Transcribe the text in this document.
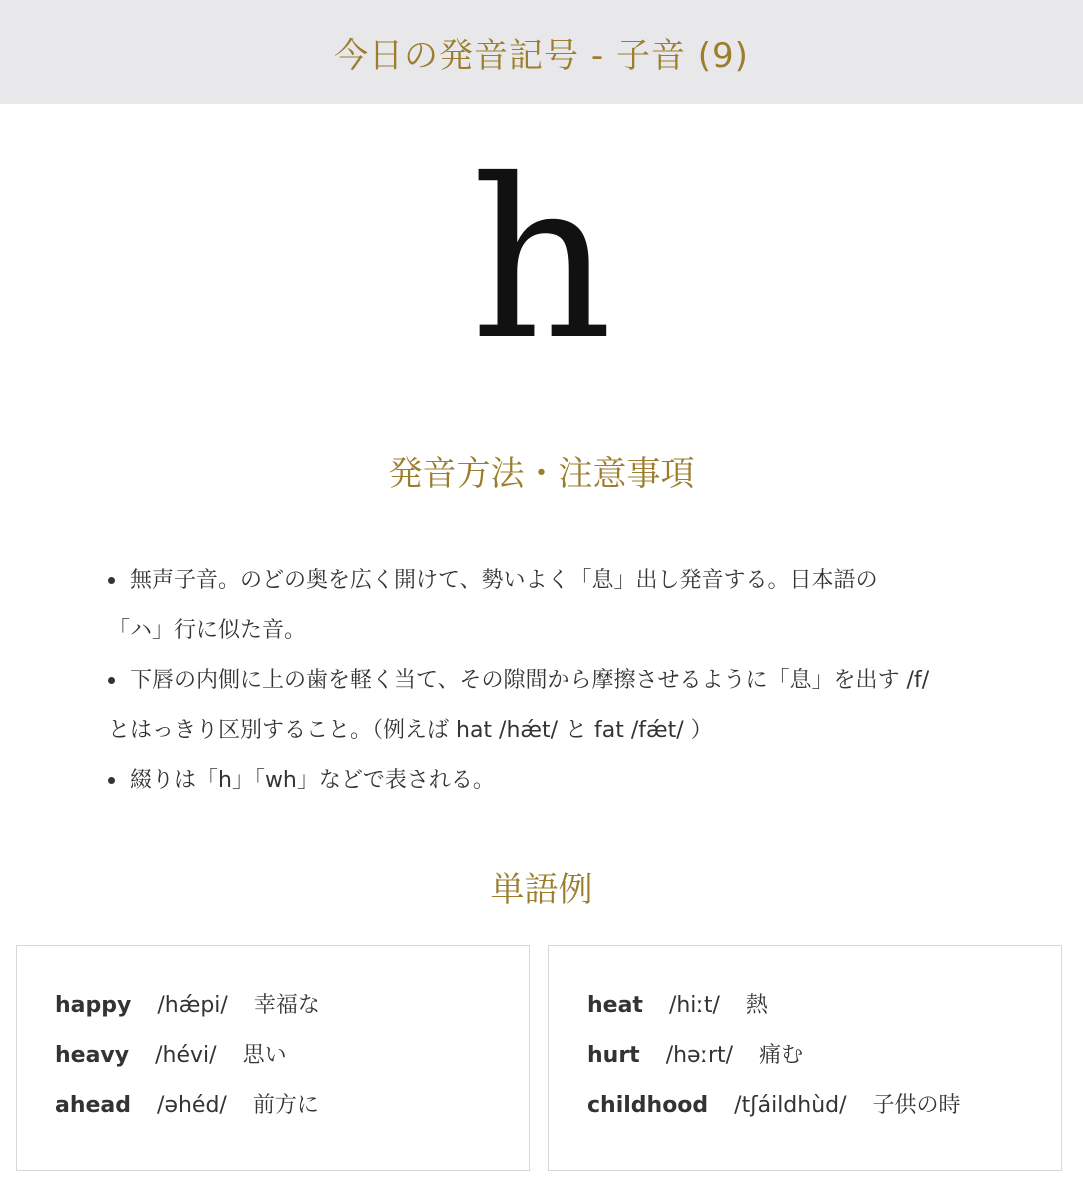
今日の発音記号 - 子音 (9)
h
発音方法・注意事項
無声子音。のどの奥を広く開けて、勢いよく「息」出し発音する。日本語の
「ハ」行に似た音。
下唇の内側に上の歯を軽く当て、その隙間から摩擦させるように「息」を出す /f/
とはっきり区別すること。（例えば hat /hǽt/ と fat /fǽt/ ）
綴りは「h」「wh」などで表される。
単語例
happy /hǽpi/ 幸福な
heavy /hévi/ 思い
ahead /əhéd/ 前方に
heat /hiːt/ 熱
hurt /həːrt/ 痛む
childhood /tʃáildhùd/ 子供の時
